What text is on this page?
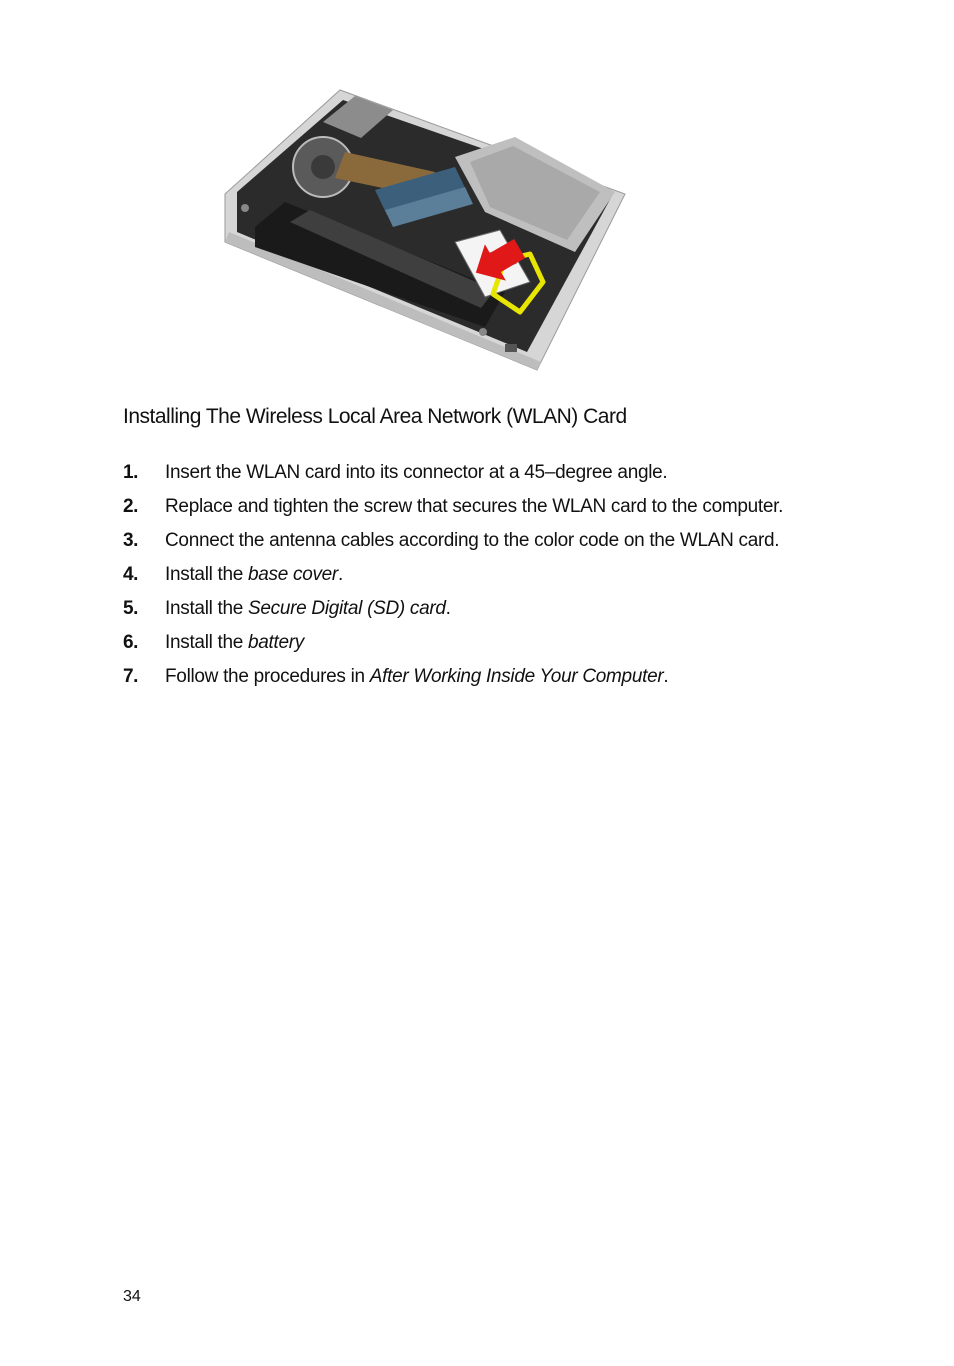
Installing The Wireless Local Area Network (WLAN) Card
1. Insert the WLAN card into its connector at a 45–degree angle.
2. Replace and tighten the screw that secures the WLAN card to the computer.
3. Connect the antenna cables according to the color code on the WLAN card.
4. Install the base cover.
5. Install the Secure Digital (SD) card.
6. Install the battery
7. Follow the procedures in After Working Inside Your Computer.
34
